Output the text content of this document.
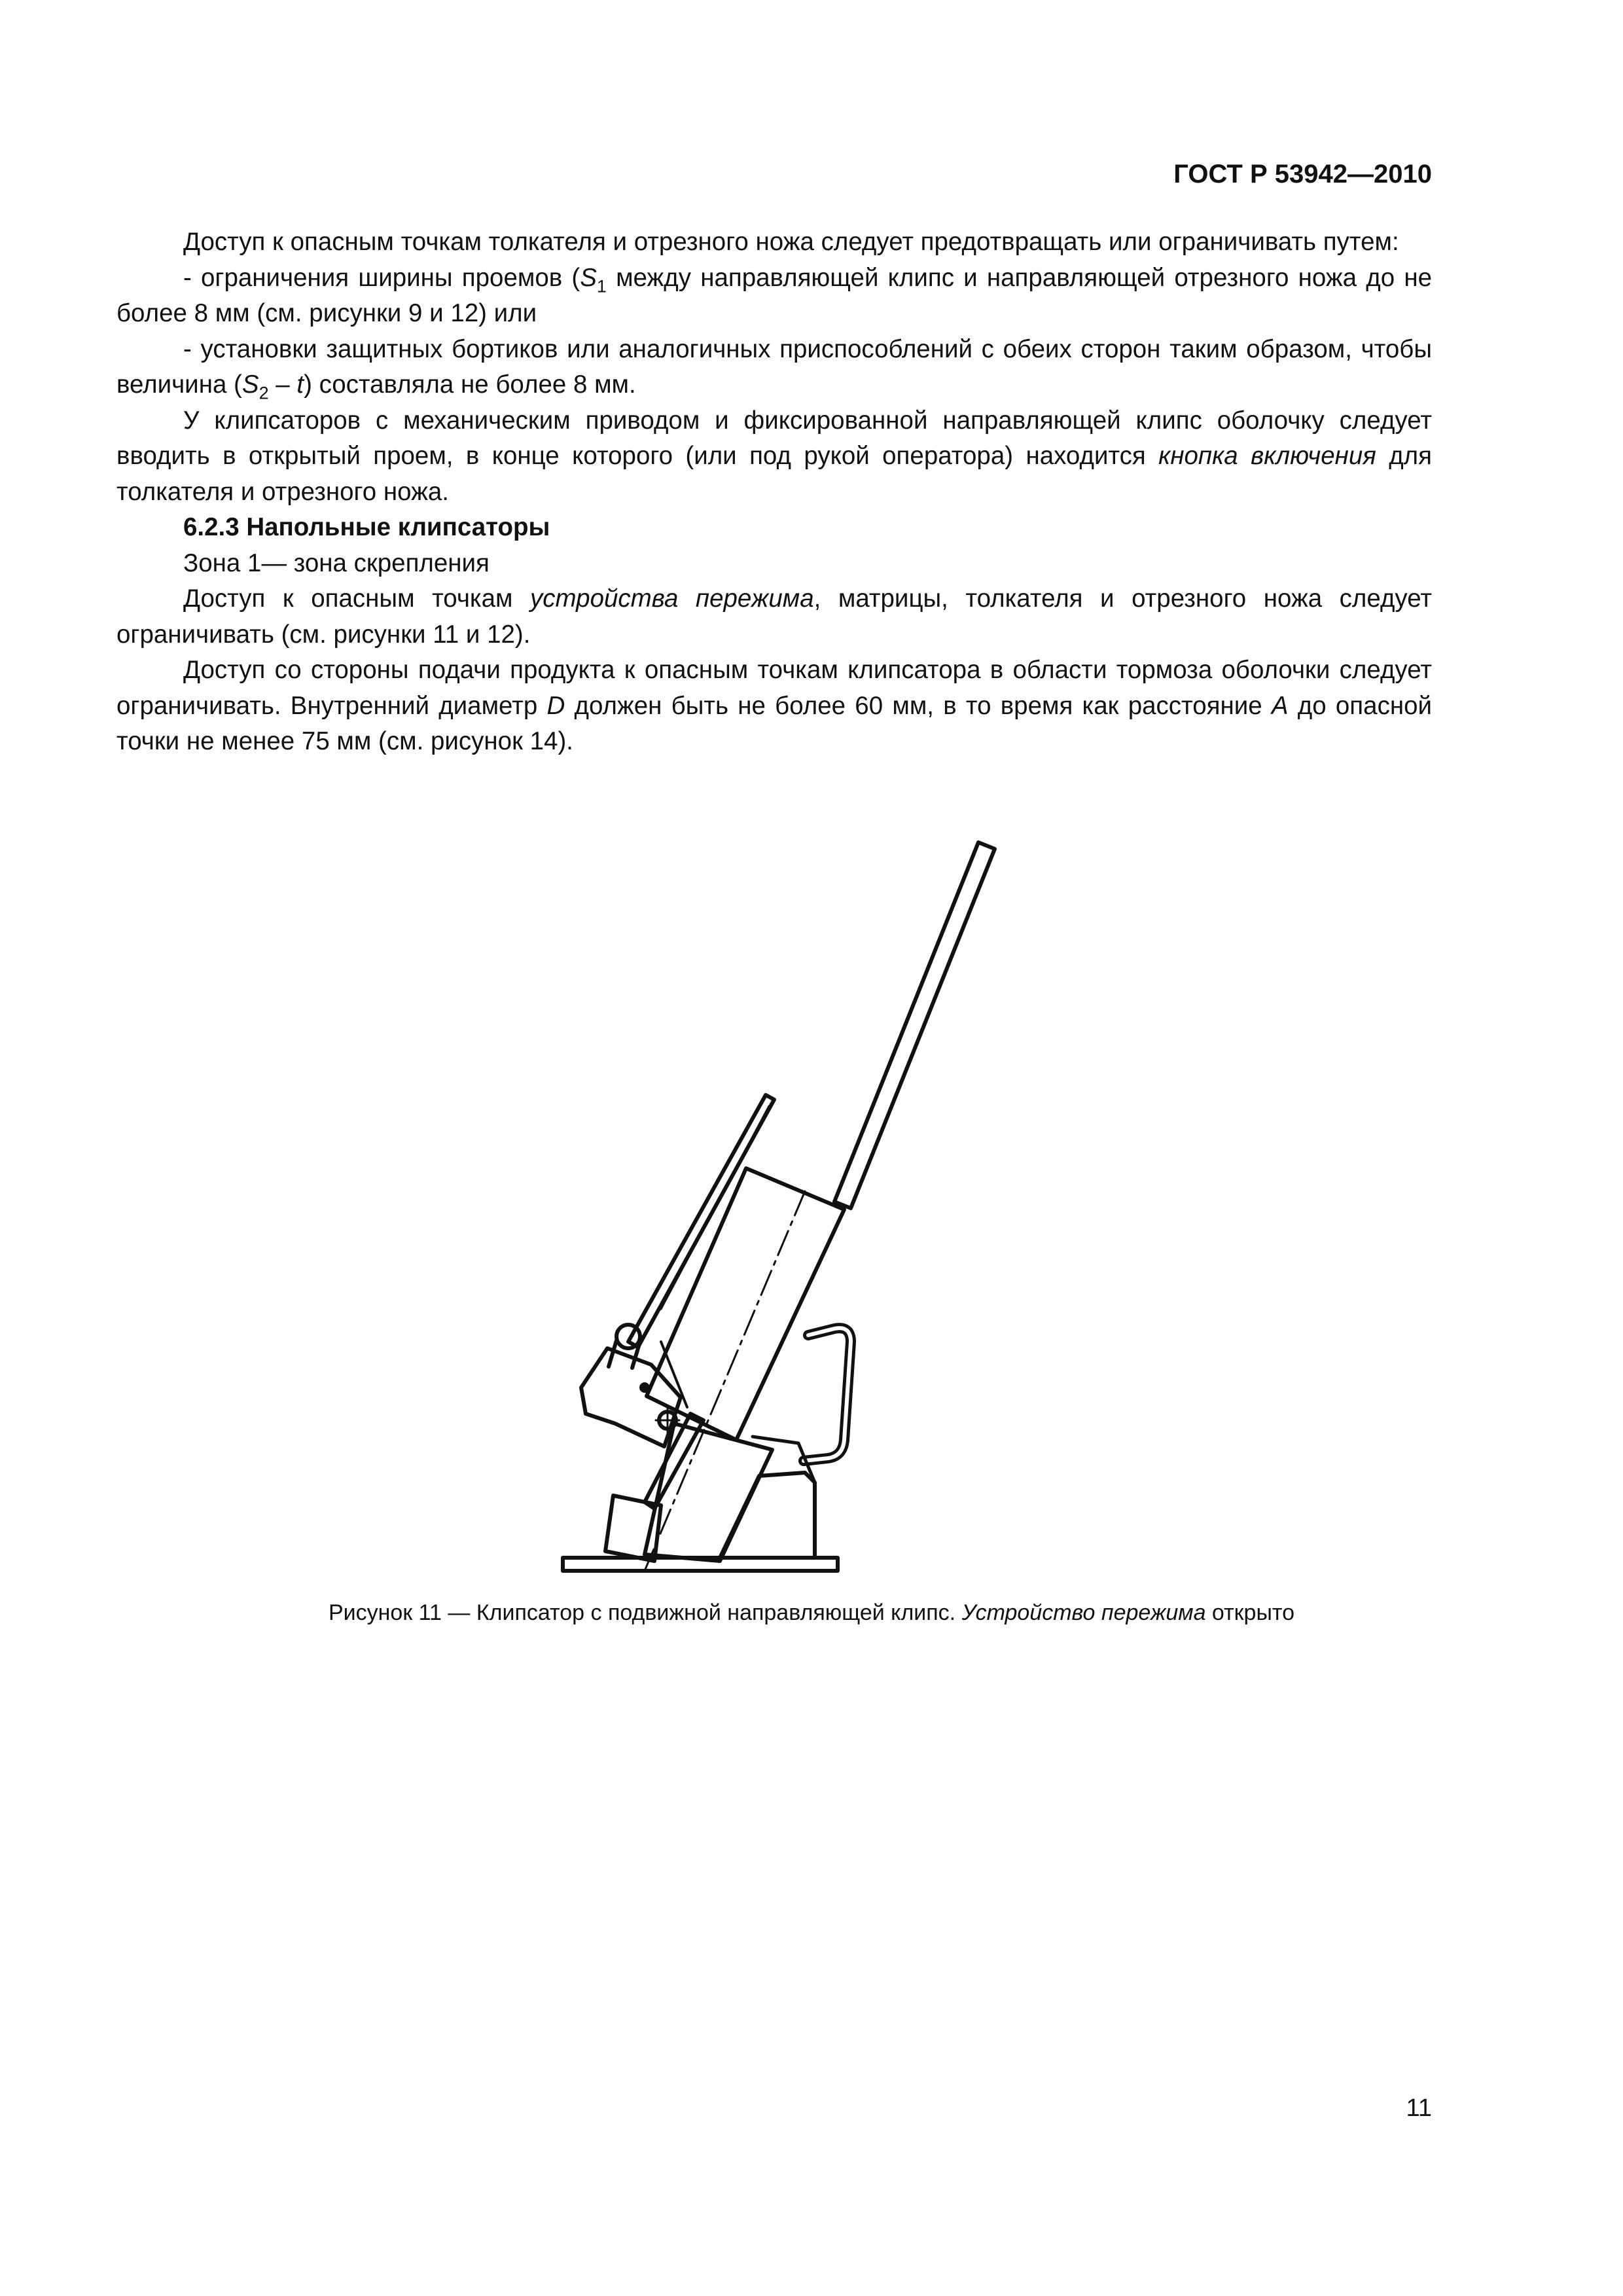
ГОСТ Р 53942—2010

Доступ к опасным точкам толкателя и отрезного ножа следует предотвращать или ограничивать путем:

- ограничения ширины проемов ($S_1$ между направляющей клипс и направляющей отрезного ножа до не более 8 мм (см. рисунки 9 и 12) или

- установки защитных бортиков или аналогичных приспособлений с обеих сторон таким образом, чтобы величина $(S_2 - t)$ составляла не более 8 мм.

У клипсаторов с механическим приводом и фиксированной направляющей клипс оболочку следует вводить в открытый проем, в конце которого (или под рукой оператора) находится кнопка включения для толкателя и отрезного ножа.

6.2.3 Напольные клипсаторы

Зона 1— зона скрепления

Доступ к опасным точкам устройства пережима, матрицы, толкателя и отрезного ножа следует ограничивать (см. рисунки 11 и 12).

Доступ со стороны подачи продукта к опасным точкам клипсатора в области тормоза оболочки следует ограничивать. Внутренний диаметр D должен быть не более 60 мм, в то время как расстояние A до опасной точки не менее 75 мм (см. рисунок 14).

Рисунок 11 — Клипсатор с подвижной направляющей клипс. Устройство пережима открыто
11
